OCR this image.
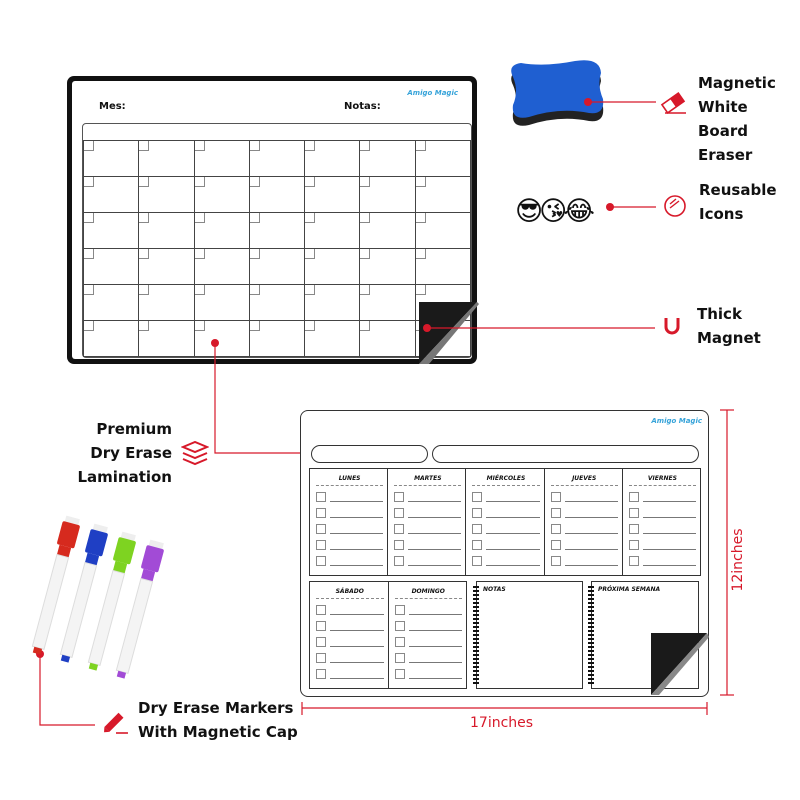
Mes:	Notas:
Amigo Magic

😎😘😂
Magnetic
White Board
Eraser
Reusable
Icons
Thick
Magnet
Premium
Dry Erase
Lamination
Amigo Magic
LUNES	MARTES	MIÉRCOLES	JUEVES	VIERNES
SÁBADO	DOMINGO	NOTAS	PRÓXIMA SEMANA	12inches
17inches
Dry Erase Markers
With Magnetic Cap
